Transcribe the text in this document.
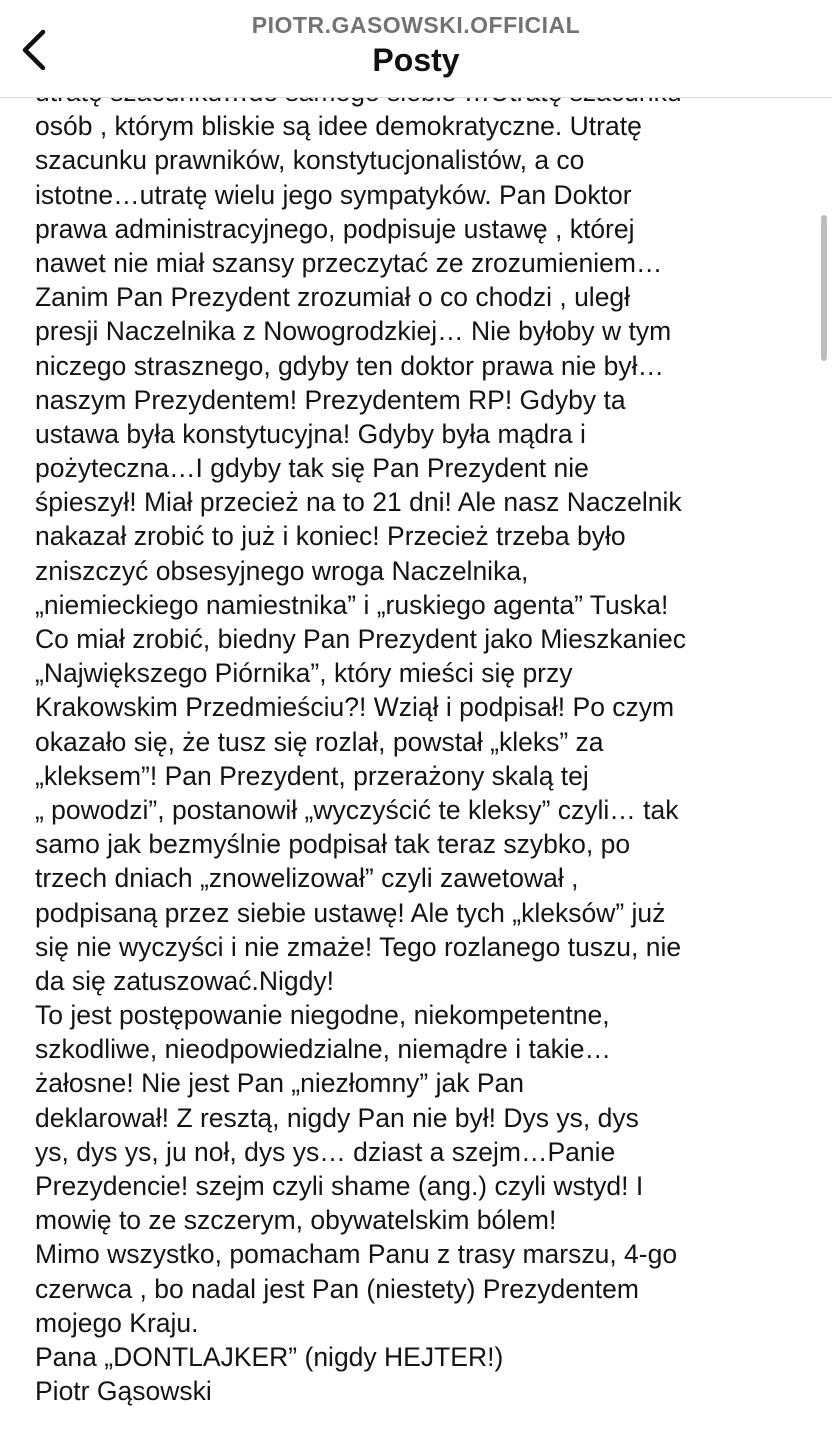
PIOTR.GASOWSKI.OFFICIAL
Posty
osób , którym bliskie są idee demokratyczne. Utratę
szacunku prawników, konstytucjonalistów, a co
istotne…utratę wielu jego sympatyków. Pan Doktor
prawa administracyjnego, podpisuje ustawę , której
nawet nie miał szansy przeczytać ze zrozumieniem…
Zanim Pan Prezydent zrozumiał o co chodzi , uległ
presji Naczelnika z Nowogrodzkiej… Nie byłoby w tym
niczego strasznego, gdyby ten doktor prawa nie był…
naszym Prezydentem! Prezydentem RP! Gdyby ta
ustawa była konstytucyjna! Gdyby była mądra i
pożyteczna…I gdyby tak się Pan Prezydent nie
śpieszył! Miał przecież na to 21 dni! Ale nasz Naczelnik
nakazał zrobić to już i koniec! Przecież trzeba było
zniszczyć obsesyjnego wroga Naczelnika,
„niemieckiego namiestnika” i „ruskiego agenta” Tuska!
Co miał zrobić, biedny Pan Prezydent jako Mieszkaniec
„Największego Piórnika”, który mieści się przy
Krakowskim Przedmieściu?! Wziął i podpisał! Po czym
okazało się, że tusz się rozlał, powstał „kleks” za
„kleksem”! Pan Prezydent, przerażony skalą tej
„ powodzi”, postanowił „wyczyścić te kleksy” czyli… tak
samo jak bezmyślnie podpisał tak teraz szybko, po
trzech dniach „znowelizował” czyli zawetował ,
podpisaną przez siebie ustawę! Ale tych „kleksów” już
się nie wyczyści i nie zmaże! Tego rozlanego tuszu, nie
da się zatuszować.Nigdy!
To jest postępowanie niegodne, niekompetentne,
szkodliwe, nieodpowiedzialne, niemądre i takie…
żałosne! Nie jest Pan „niezłomny” jak Pan
deklarował! Z resztą, nigdy Pan nie był! Dys ys, dys
ys, dys ys, ju noł, dys ys… dziast a szejm…Panie
Prezydencie! szejm czyli shame (ang.) czyli wstyd! I
mowię to ze szczerym, obywatelskim bólem!
Mimo wszystko, pomacham Panu z trasy marszu, 4-go
czerwca , bo nadal jest Pan (niestety) Prezydentem
mojego Kraju.
Pana „DONTLAJKER” (nigdy HEJTER!)
Piotr Gąsowski
